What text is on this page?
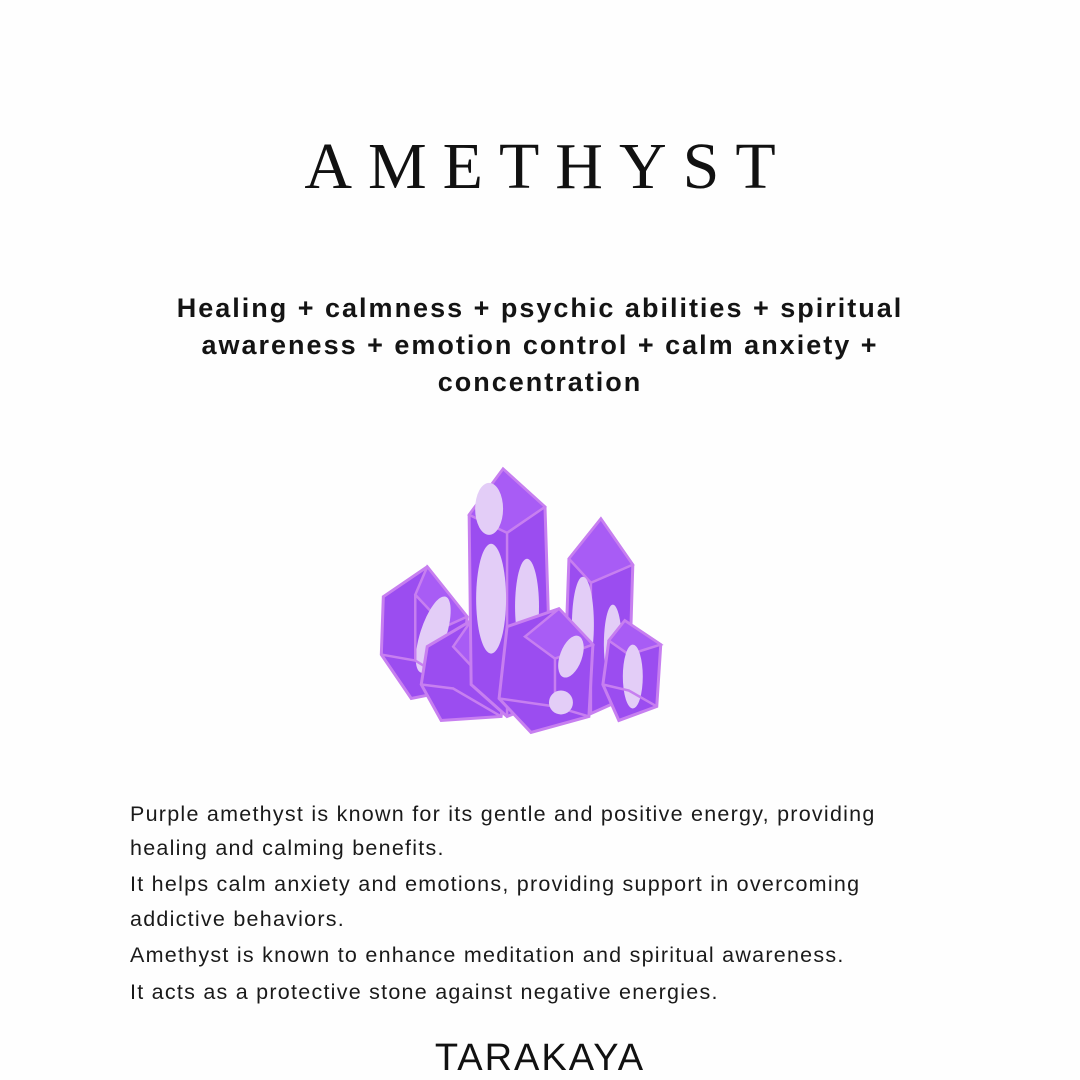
AMETHYST
Healing + calmness + psychic abilities + spiritual awareness + emotion control + calm anxiety + concentration

Purple amethyst is known for its gentle and positive energy, providing healing and calming benefits.

It helps calm anxiety and emotions, providing support in overcoming addictive behaviors.

Amethyst is known to enhance meditation and spiritual awareness.

It acts as a protective stone against negative energies.

TARAKAYA
